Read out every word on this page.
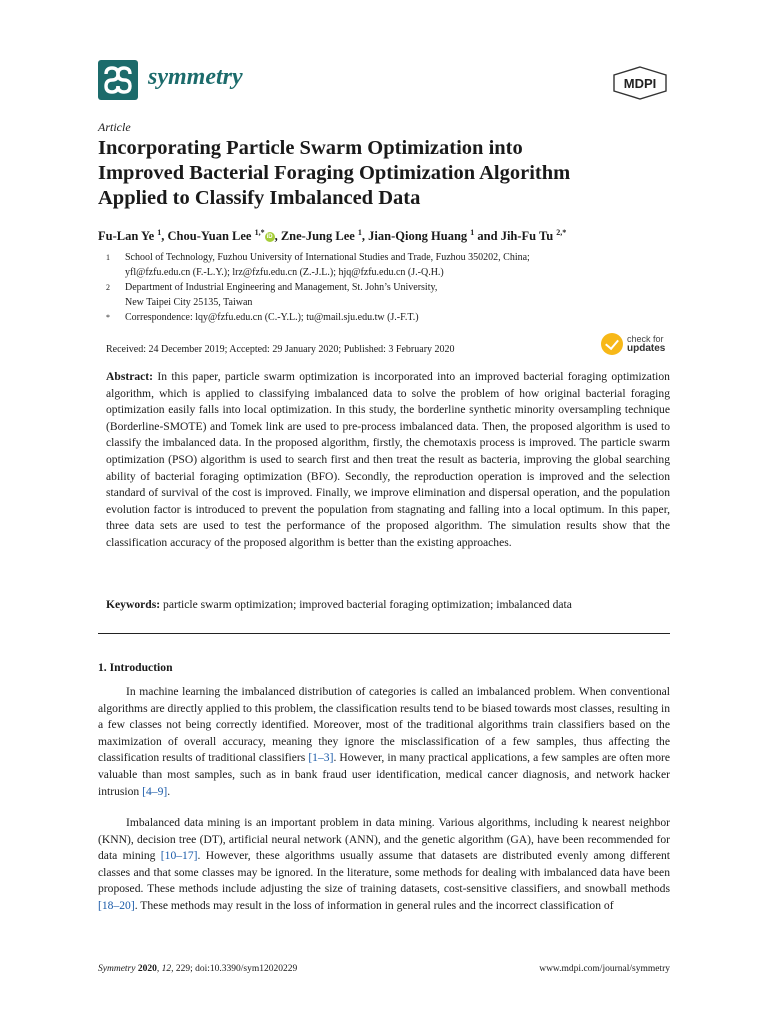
symmetry	MDPI
Article
Incorporating Particle Swarm Optimization into
Improved Bacterial Foraging Optimization Algorithm
Applied to Classify Imbalanced Data
Fu-Lan Ye $^1$, Chou-Yuan Lee $^{1,*}$iD , Zne-Jung Lee $^1$, Jian-Qiong Huang $^1$ and Jih-Fu Tu $^{2,*}$
1 School of Technology, Fuzhou University of International Studies and Trade, Fuzhou 350202, China;
yfl@fzfu.edu.cn (F.-L.Y.); lrz@fzfu.edu.cn (Z.-J.L.); hjq@fzfu.edu.cn (J.-Q.H.)
2 Department of Industrial Engineering and Management, St. John’s University,
New Taipei City 25135, Taiwan
* Correspondence: lqy@fzfu.edu.cn (C.-Y.L.); tu@mail.sju.edu.tw (J.-F.T.)
Received: 24 December 2019; Accepted: 29 January 2020; Published: 3 February 2020
check for
updates
Abstract: In this paper, particle swarm optimization is incorporated into an improved bacterial foraging optimization algorithm, which is applied to classifying imbalanced data to solve the problem of how original bacterial foraging optimization easily falls into local optimization. In this study, the borderline synthetic minority oversampling technique (Borderline-SMOTE) and Tomek link are used to pre-process imbalanced data. Then, the proposed algorithm is used to classify the imbalanced data. In the proposed algorithm, firstly, the chemotaxis process is improved. The particle swarm optimization (PSO) algorithm is used to search first and then treat the result as bacteria, improving the global searching ability of bacterial foraging optimization (BFO). Secondly, the reproduction operation is improved and the selection standard of survival of the cost is improved. Finally, we improve elimination and dispersal operation, and the population evolution factor is introduced to prevent the population from stagnating and falling into a local optimum. In this paper, three data sets are used to test the performance of the proposed algorithm. The simulation results show that the classification accuracy of the proposed algorithm is better than the existing approaches.
Keywords: particle swarm optimization; improved bacterial foraging optimization; imbalanced data
1. Introduction
In machine learning the imbalanced distribution of categories is called an imbalanced problem. When conventional algorithms are directly applied to this problem, the classification results tend to be biased towards most classes, resulting in a few classes not being correctly identified. Moreover, most of the traditional algorithms train classifiers based on the maximization of overall accuracy, meaning they ignore the misclassification of a few samples, thus affecting the classification results of traditional classifiers [1–3]. However, in many practical applications, a few samples are often more valuable than most samples, such as in bank fraud user identification, medical cancer diagnosis, and network hacker intrusion [4–9].
Imbalanced data mining is an important problem in data mining. Various algorithms, including k nearest neighbor (KNN), decision tree (DT), artificial neural network (ANN), and the genetic algorithm (GA), have been recommended for data mining [10–17]. However, these algorithms usually assume that datasets are distributed evenly among different classes and that some classes may be ignored. In the literature, some methods for dealing with imbalanced data have been proposed. These methods include adjusting the size of training datasets, cost-sensitive classifiers, and snowball methods [18–20]. These methods may result in the loss of information in general rules and the incorrect classification of
Symmetry 2020, 12, 229; doi:10.3390/sym12020229	www.mdpi.com/journal/symmetry
